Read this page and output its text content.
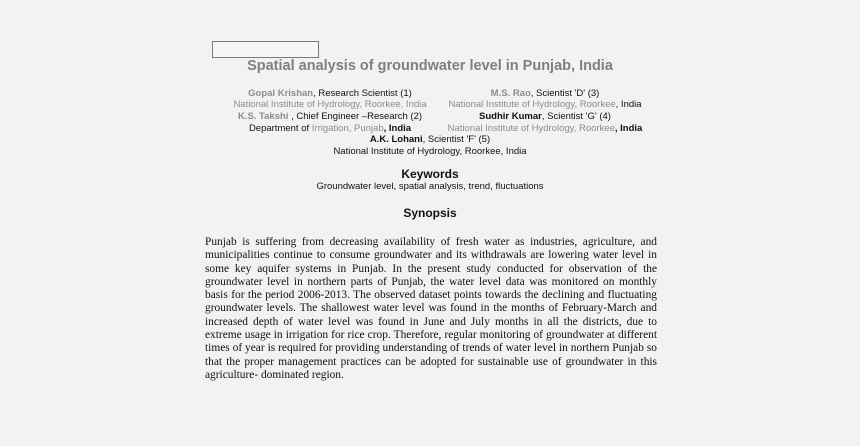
Spatial analysis of groundwater level in Punjab, India
Gopal Krishan, Research Scientist (1)	M.S. Rao, Scientist 'D' (3)
National Institute of Hydrology, Roorkee, India	National Institute of Hydrology, Roorkee, India
K.S. Takshi , Chief Engineer –Research (2)	Sudhir Kumar, Scientist 'G' (4)
Department of Irrigation, Punjab, India	National Institute of Hydrology, Roorkee, India
A.K. Lohani, Scientist 'F' (5)
National Institute of Hydrology, Roorkee, India
Keywords
Groundwater level, spatial analysis, trend, fluctuations
Synopsis
Punjab is suffering from decreasing availability of fresh water as industries, agriculture, and municipalities continue to consume groundwater and its withdrawals are lowering water level in some key aquifer systems in Punjab. In the present study conducted for observation of the groundwater level in northern parts of Punjab, the water level data was monitored on monthly basis for the period 2006-2013. The observed dataset points towards the declining and fluctuating groundwater levels. The shallowest water level was found in the months of February-March and increased depth of water level was found in June and July months in all the districts, due to extreme usage in irrigation for rice crop. Therefore, regular monitoring of groundwater at different times of year is required for providing understanding of trends of water level in northern Punjab so that the proper management practices can be adopted for sustainable use of groundwater in this agriculture- dominated region.
